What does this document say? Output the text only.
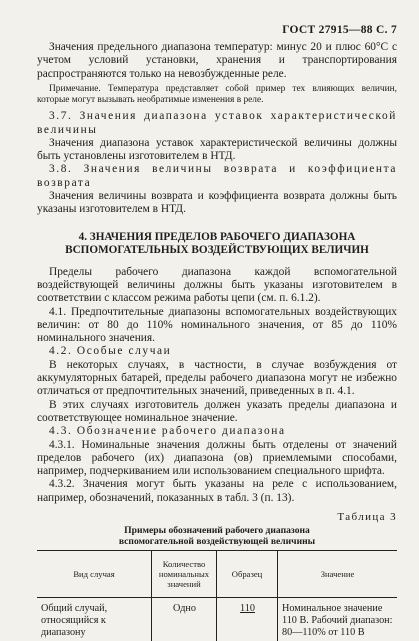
ГОСТ 27915—88 С. 7

Значения предельного диапазона температур: минус 20 и плюс 60°С с учетом условий установки, хранения и транспортирования распространяются только на невозбужденные реле.

Примечание. Температура представляет собой пример тех влияющих величин, которые могут вызывать необратимые изменения в реле.

3.7. Значения диапазона уставок характеристической величины

Значения диапазона уставок характеристической величины должны быть установлены изготовителем в НТД.

3.8. Значения величины возврата и коэффициента возврата

Значения величины возврата и коэффициента возврата должны быть указаны изготовителем в НТД.

4. ЗНАЧЕНИЯ ПРЕДЕЛОВ РАБОЧЕГО ДИАПАЗОНА
ВСПОМОГАТЕЛЬНЫХ ВОЗДЕЙСТВУЮЩИХ ВЕЛИЧИН

Пределы рабочего диапазона каждой вспомогательной воздействующей величины должны быть указаны изготовителем в соответствии с классом режима работы цепи (см. п. 6.1.2).

4.1. Предпочтительные диапазоны вспомогательных воздействующих величин: от 80 до 110% номинального значения, от 85 до 110% номинального значения.

4.2. Особые случаи

В некоторых случаях, в частности, в случае возбуждения от аккумуляторных батарей, пределы рабочего диапазона могут не избежно отличаться от предпочтительных значений, приведенных в п. 4.1.

В этих случаях изготовитель должен указать пределы диапазона и соответствующее номинальное значение.

4.3. Обозначение рабочего диапазона

4.3.1. Номинальные значения должны быть отделены от значений пределов рабочего (их) диапазона (ов) приемлемыми способами, например, подчеркиванием или использованием специального шрифта.

4.3.2. Значения могут быть указаны на реле с использованием, например, обозначений, показанных в табл. 3 (п. 13).

Таблица 3
Примеры обозначений рабочего диапазона
вспомогательной воздействующей величины
Вид случая	Количество номинальных значений	Образец	Значение
Общий случай, относящийся к диапазону	Одно	110	Номинальное значение 110 В. Рабочий диапазон: 80—110% от 110 В
